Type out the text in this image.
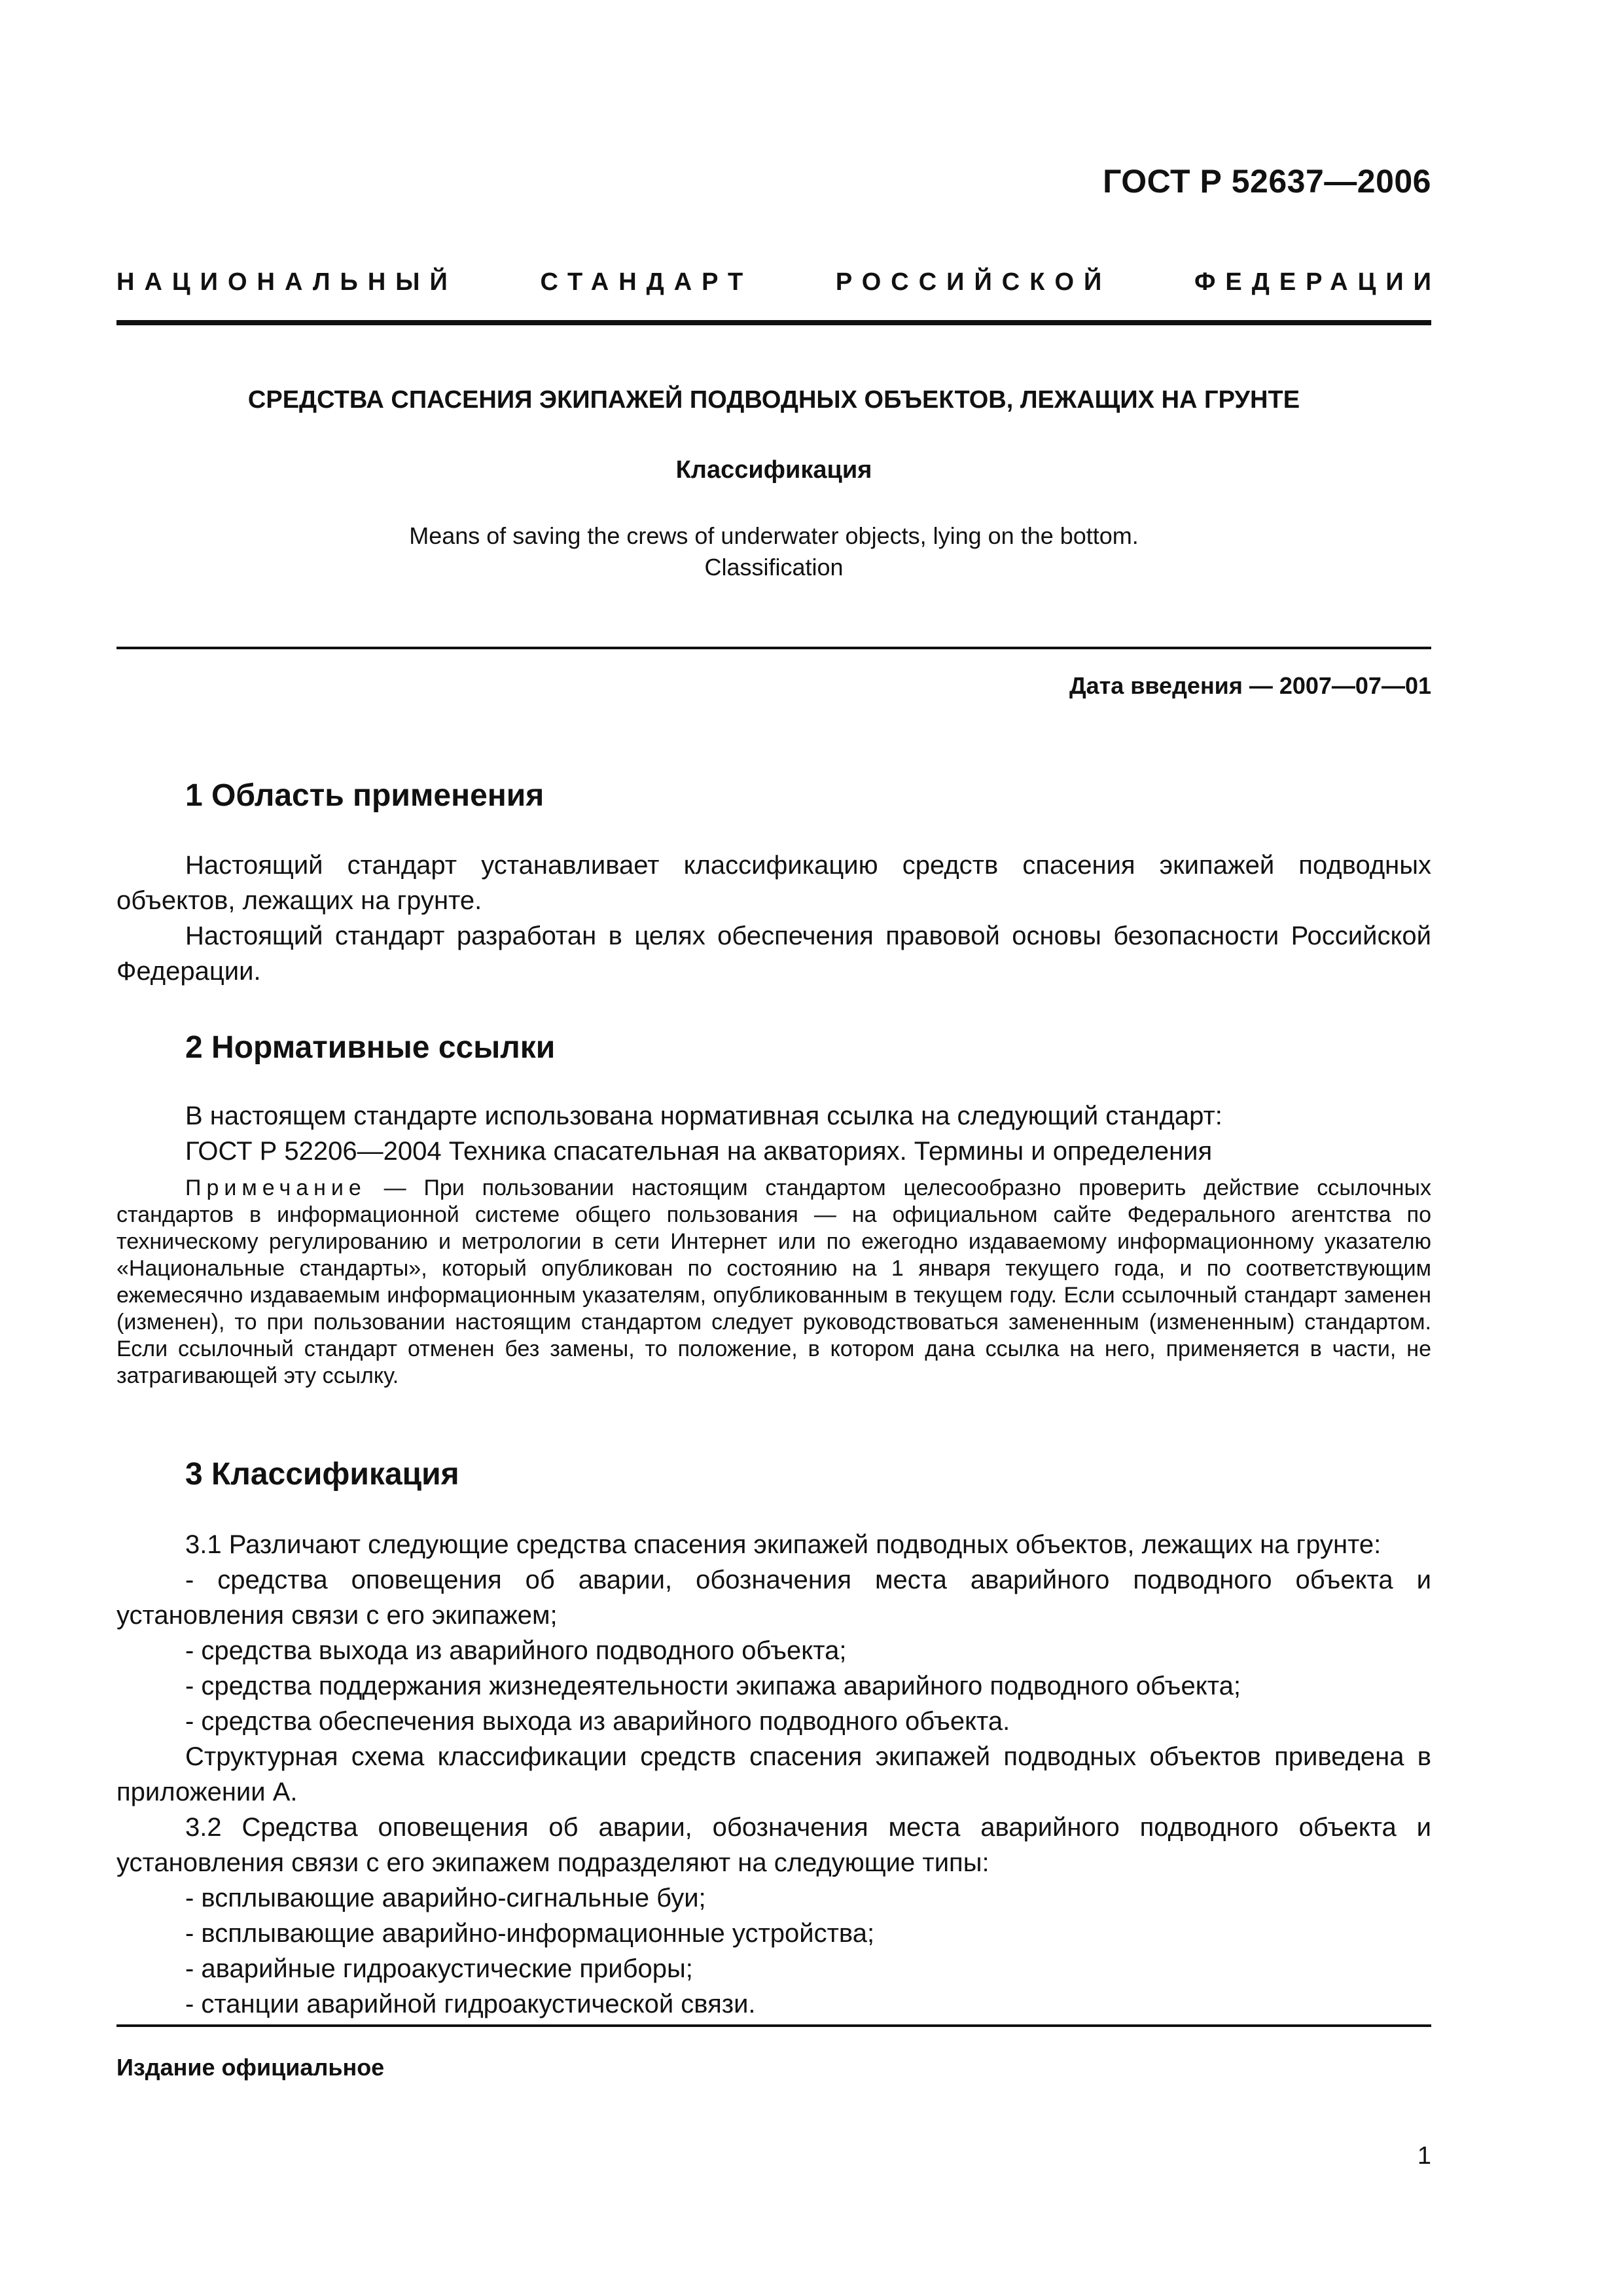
ГОСТ Р 52637—2006
НАЦИОНАЛЬНЫЙ	СТАНДАРТ	РОССИЙСКОЙ	ФЕДЕРАЦИИ
СРЕДСТВА СПАСЕНИЯ ЭКИПАЖЕЙ ПОДВОДНЫХ ОБЪЕКТОВ, ЛЕЖАЩИХ НА ГРУНТЕ
Классификация
Means of saving the crews of underwater objects, lying on the bottom.
Classification
Дата введения — 2007—07—01
1 Область применения

Настоящий стандарт устанавливает классификацию средств спасения экипажей подводных объектов, лежащих на грунте.

Настоящий стандарт разработан в целях обеспечения правовой основы безопасности Российской Федерации.

2 Нормативные ссылки

В настоящем стандарте использована нормативная ссылка на следующий стандарт:

ГОСТ Р 52206—2004 Техника спасательная на акваториях. Термины и определения

Примечание — При пользовании настоящим стандартом целесообразно проверить действие ссылочных стандартов в информационной системе общего пользования — на официальном сайте Федерального агентства по техническому регулированию и метрологии в сети Интернет или по ежегодно издаваемому информационному указателю «Национальные стандарты», который опубликован по состоянию на 1 января текущего года, и по соответствующим ежемесячно издаваемым информационным указателям, опубликованным в текущем году. Если ссылочный стандарт заменен (изменен), то при пользовании настоящим стандартом следует руководствоваться замененным (измененным) стандартом. Если ссылочный стандарт отменен без замены, то положение, в котором дана ссылка на него, применяется в части, не затрагивающей эту ссылку.
3 Классификация

3.1 Различают следующие средства спасения экипажей подводных объектов, лежащих на грунте:

- средства оповещения об аварии, обозначения места аварийного подводного объекта и установления связи с его экипажем;

- средства выхода из аварийного подводного объекта;

- средства поддержания жизнедеятельности экипажа аварийного подводного объекта;

- средства обеспечения выхода из аварийного подводного объекта.

Структурная схема классификации средств спасения экипажей подводных объектов приведена в приложении А.

3.2 Средства оповещения об аварии, обозначения места аварийного подводного объекта и установления связи с его экипажем подразделяют на следующие типы:

- всплывающие аварийно-сигнальные буи;

- всплывающие аварийно-информационные устройства;

- аварийные гидроакустические приборы;

- станции аварийной гидроакустической связи.

Издание официальное
1
